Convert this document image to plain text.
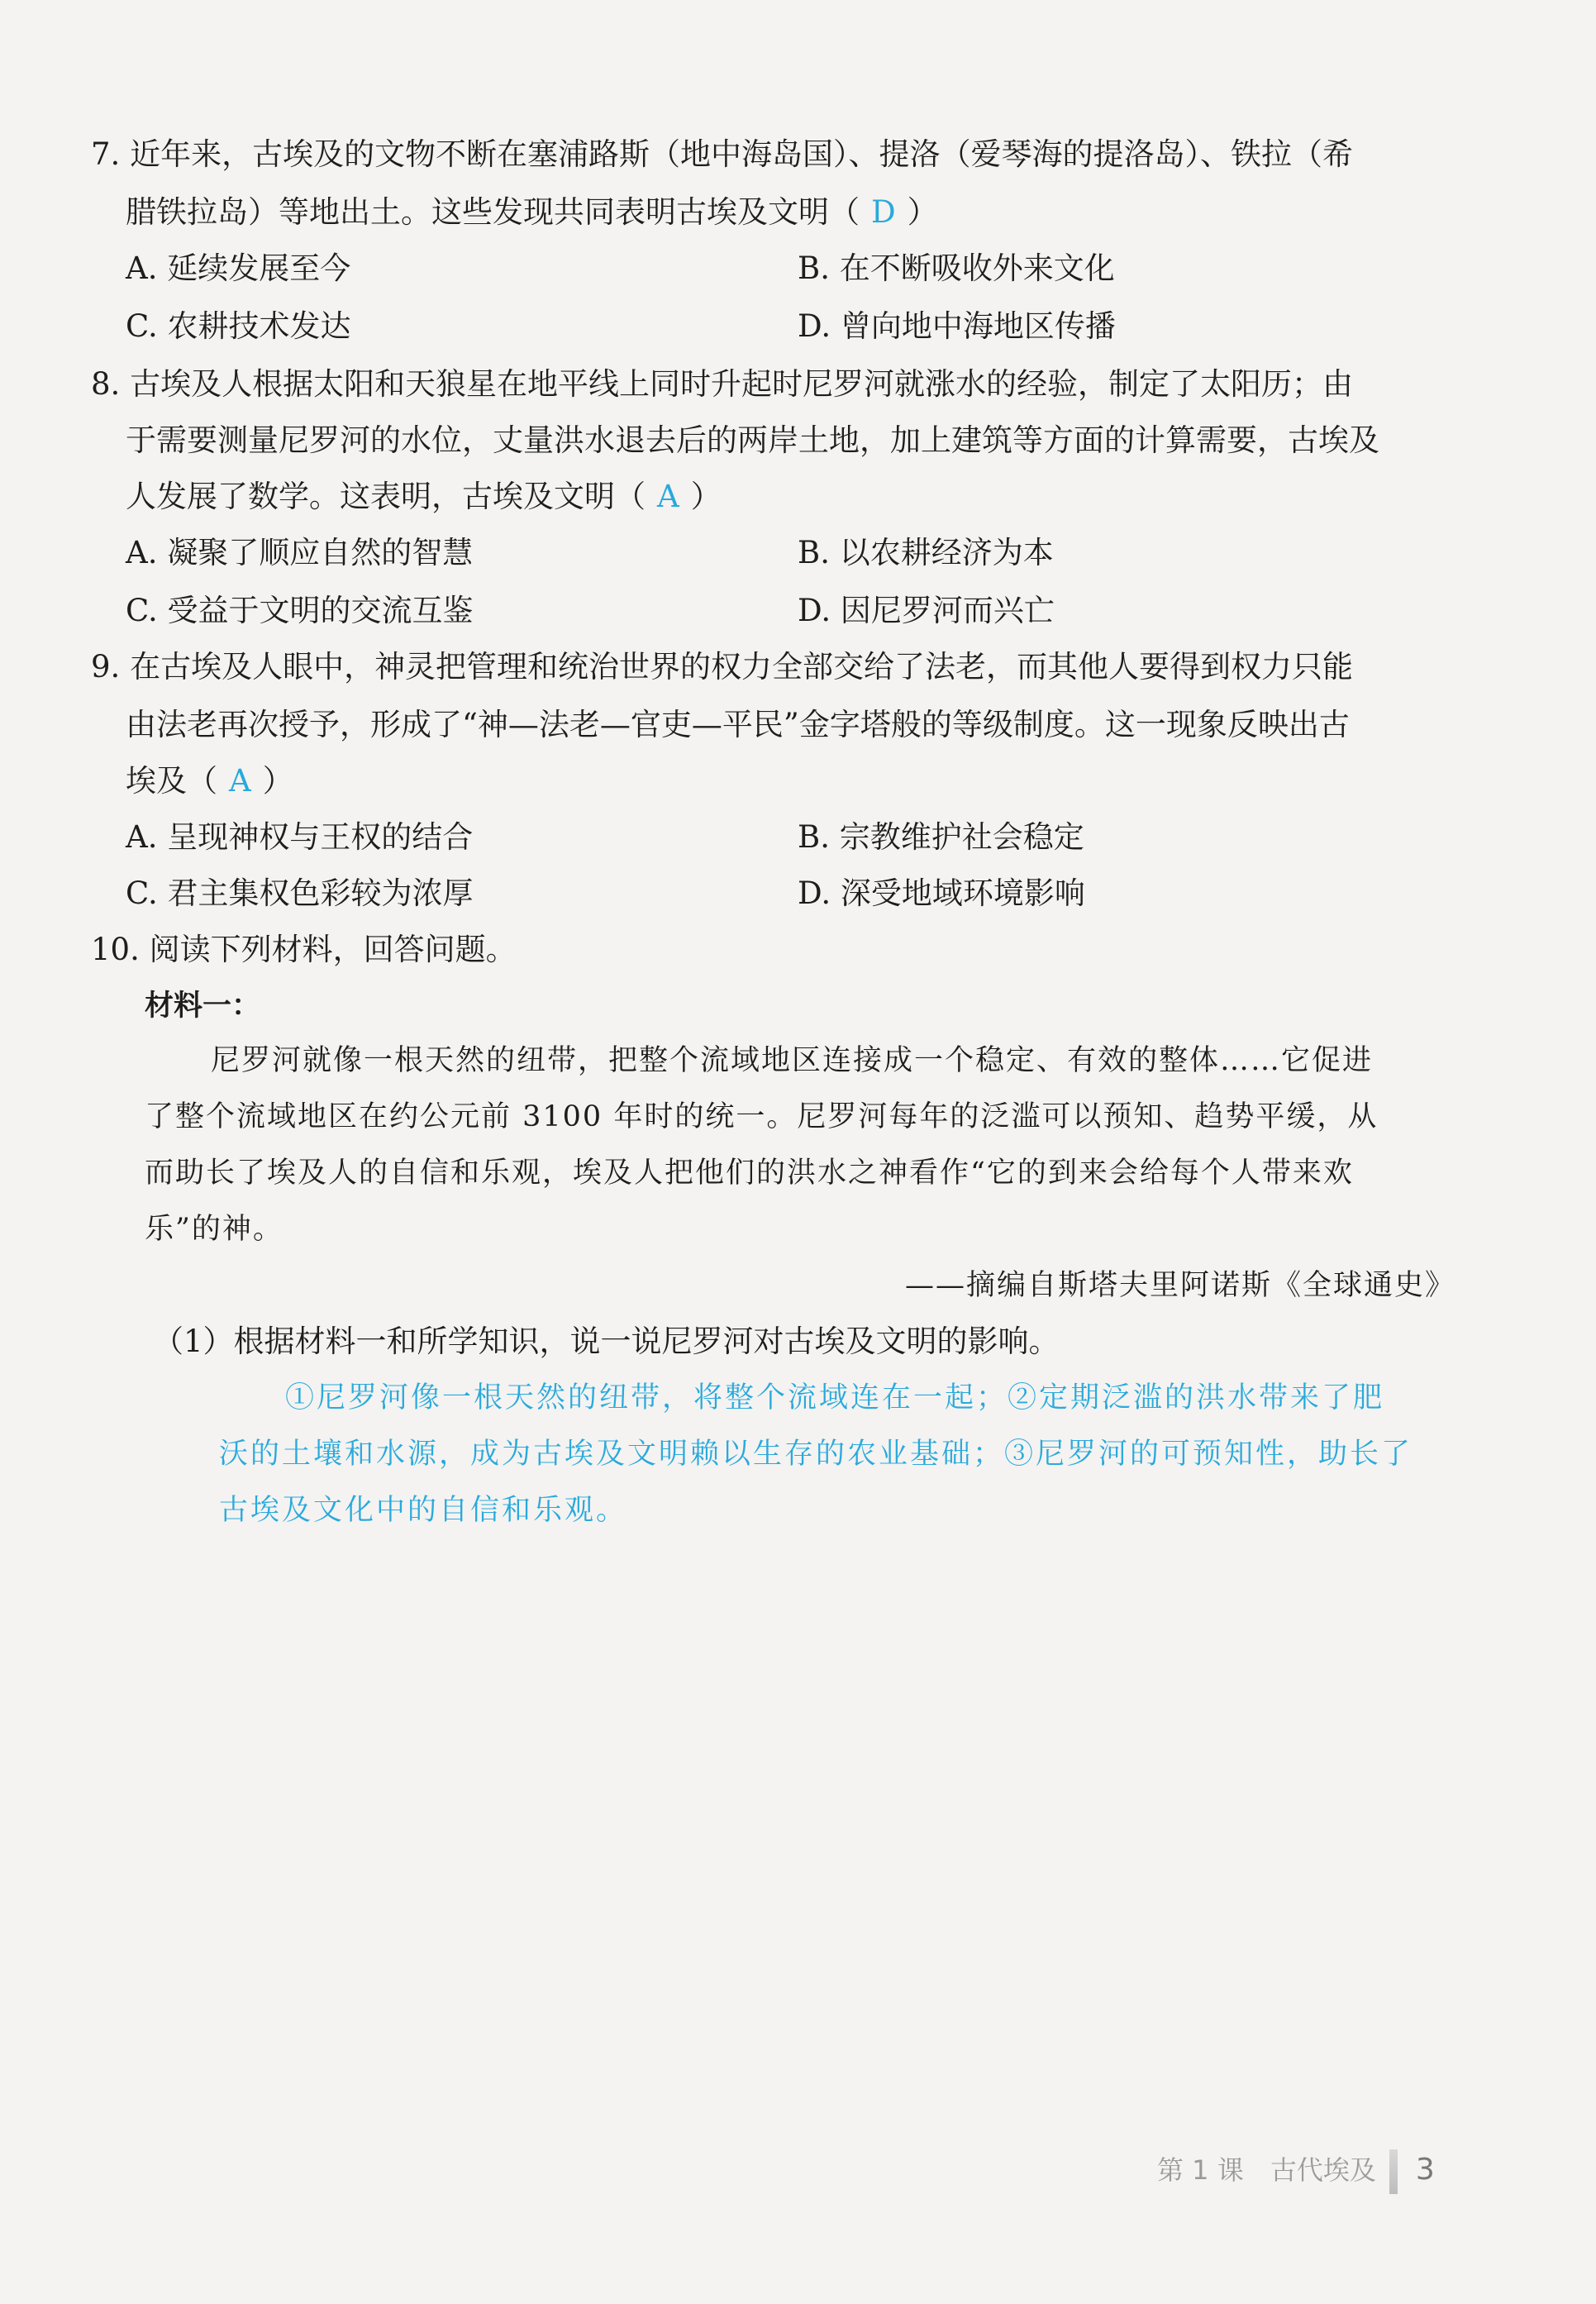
7. 近年来，古埃及的文物不断在塞浦路斯（地中海岛国）、提洛（爱琴海的提洛岛）、铁拉（希
腊铁拉岛）等地出土。这些发现共同表明古埃及文明（ D ）
A. 延续发展至今	B. 在不断吸收外来文化
C. 农耕技术发达	D. 曾向地中海地区传播
8. 古埃及人根据太阳和天狼星在地平线上同时升起时尼罗河就涨水的经验，制定了太阳历；由
于需要测量尼罗河的水位，丈量洪水退去后的两岸土地，加上建筑等方面的计算需要，古埃及
人发展了数学。这表明，古埃及文明（ A ）
A. 凝聚了顺应自然的智慧	B. 以农耕经济为本
C. 受益于文明的交流互鉴	D. 因尼罗河而兴亡
9. 在古埃及人眼中，神灵把管理和统治世界的权力全部交给了法老，而其他人要得到权力只能
由法老再次授予，形成了“神—法老—官吏—平民”金字塔般的等级制度。这一现象反映出古
埃及（ A ）
A. 呈现神权与王权的结合	B. 宗教维护社会稳定
C. 君主集权色彩较为浓厚	D. 深受地域环境影响
10. 阅读下列材料，回答问题。
材料一：
尼罗河就像一根天然的纽带，把整个流域地区连接成一个稳定、有效的整体……它促进
了整个流域地区在约公元前 3100 年时的统一。尼罗河每年的泛滥可以预知、趋势平缓，从
而助长了埃及人的自信和乐观，埃及人把他们的洪水之神看作“它的到来会给每个人带来欢
乐”的神。
——摘编自斯塔夫里阿诺斯《全球通史》
（1）根据材料一和所学知识，说一说尼罗河对古埃及文明的影响。
①尼罗河像一根天然的纽带，将整个流域连在一起；②定期泛滥的洪水带来了肥
沃的土壤和水源，成为古埃及文明赖以生存的农业基础；③尼罗河的可预知性，助长了
古埃及文化中的自信和乐观。
第 1 课 古代埃及 3
